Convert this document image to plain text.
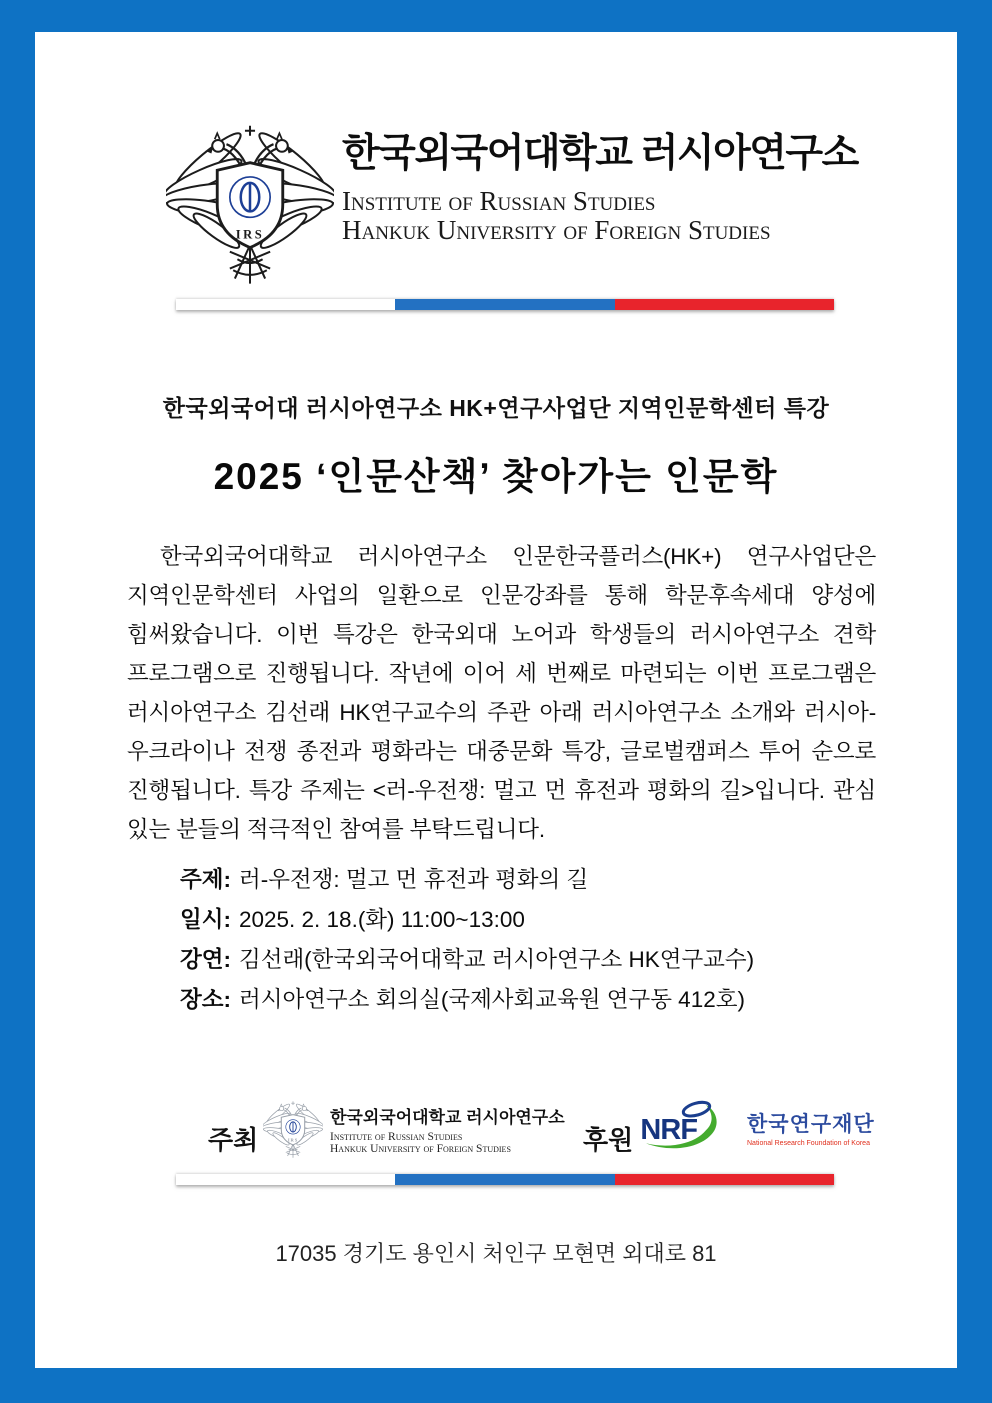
한국외국어대학교 러시아연구소
Institute of Russian Studies
Hankuk University of Foreign Studies
한국외국어대 러시아연구소 HK+연구사업단 지역인문학센터 특강
2025 ‘인문산책’ 찾아가는 인문학
한국외국어대학교 러시아연구소 인문한국플러스(HK+) 연구사업단은 지역인문학센터 사업의 일환으로 인문강좌를 통해 학문후속세대 양성에 힘써왔습니다. 이번 특강은 한국외대 노어과 학생들의 러시아연구소 견학 프로그램으로 진행됩니다. 작년에 이어 세 번째로 마련되는 이번 프로그램은 러시아연구소 김선래 HK연구교수의 주관 아래 러시아연구소 소개와 러시아-우크라이나 전쟁 종전과 평화라는 대중문화 특강, 글로벌캠퍼스 투어 순으로 진행됩니다. 특강 주제는 <러-우전쟁: 멀고 먼 휴전과 평화의 길>입니다. 관심 있는 분들의 적극적인 참여를 부탁드립니다.
주제: 러-우전쟁: 멀고 먼 휴전과 평화의 길
일시: 2025. 2. 18.(화) 11:00~13:00
강연: 김선래(한국외국어대학교 러시아연구소 HK연구교수)
장소: 러시아연구소 회의실(국제사회교육원 연구동 412호)
주최
한국외국어대학교 러시아연구소
Institute of Russian Studies
Hankuk University of Foreign Studies	후원 NRF 한국연구재단
National Research Foundation of Korea
17035 경기도 용인시 처인구 모현면 외대로 81
